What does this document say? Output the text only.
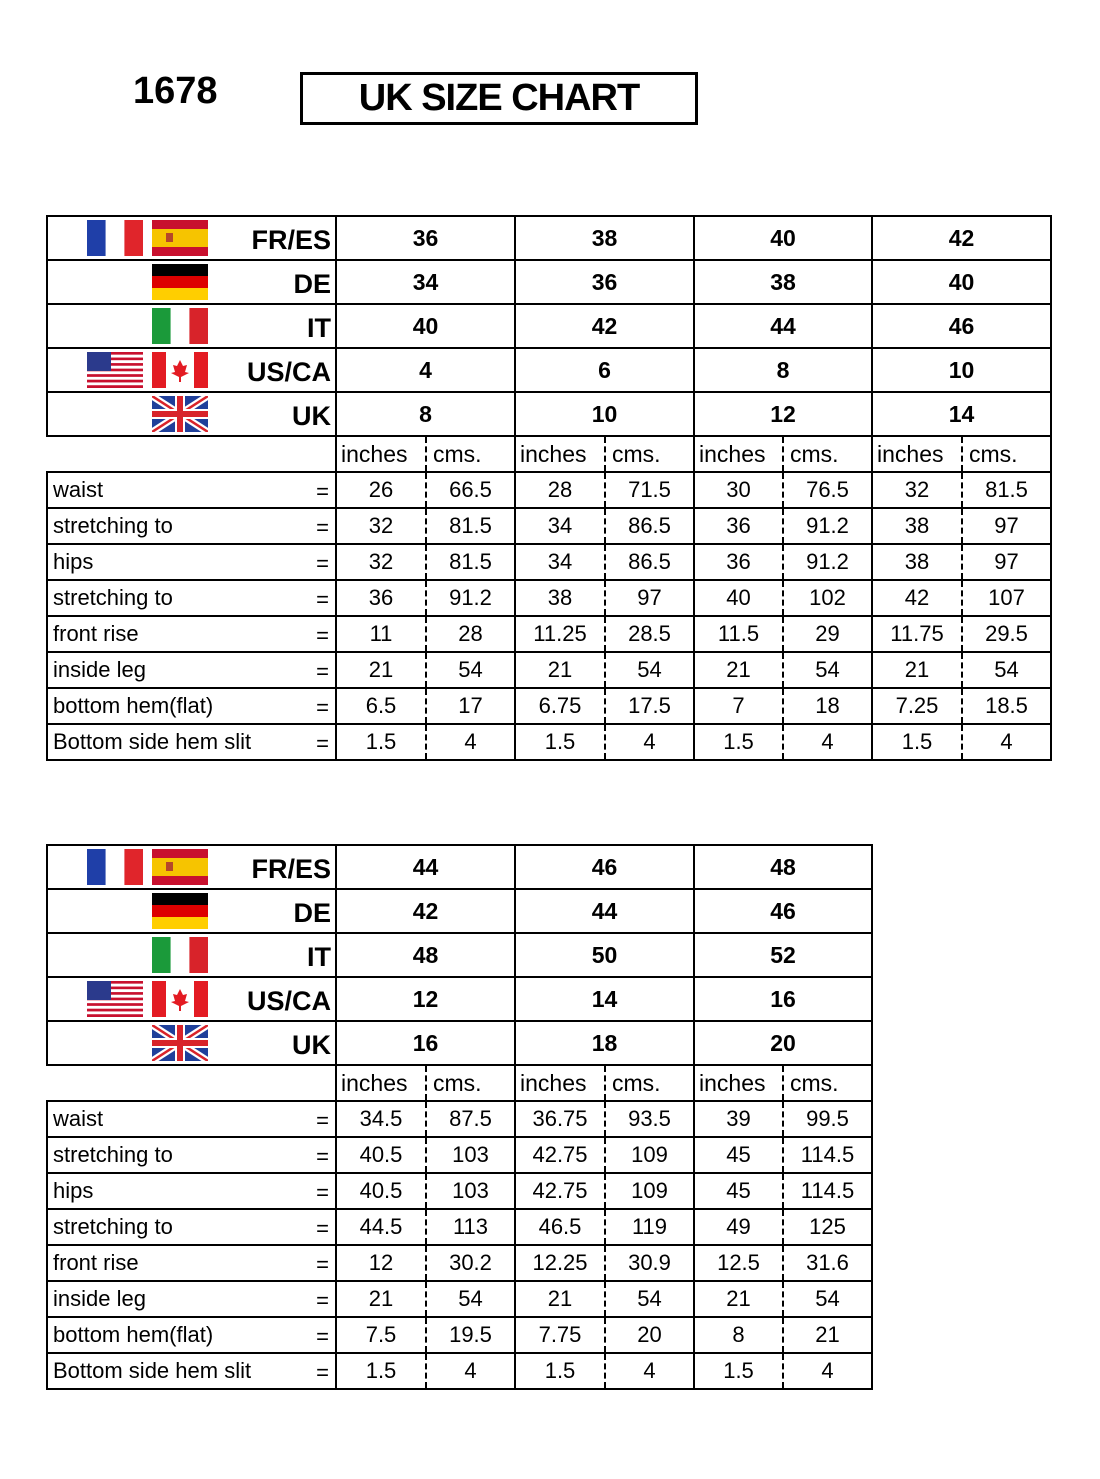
1678	UK SIZE CHART
FR/ES	36		38		40		42	

DE	34		36		38		40	

IT	40		42		44		46	

US/CA	4		6		8		10	

UK	8		10		12		14	
	inches	cms.	inches	cms.	inches	cms.	inches	cms.
waist =	26	66.5	28	71.5	30	76.5	32	81.5
stretching to =	32	81.5	34	86.5	36	91.2	38	97
hips =	32	81.5	34	86.5	36	91.2	38	97
stretching to =	36	91.2	38	97	40	102	42	107
front rise =	11	28	11.25	28.5	11.5	29	11.75	29.5
inside leg =	21	54	21	54	21	54	21	54
bottom hem(flat) =	6.5	17	6.75	17.5	7	18	7.25	18.5
Bottom side hem slit =	1.5	4	1.5	4	1.5	4	1.5	4
FR/ES	44		46		48	

DE	42		44		46	

IT	48		50		52	

US/CA	12		14		16	

UK	16		18		20	
	inches	cms.	inches	cms.	inches	cms.
waist =	34.5	87.5	36.75	93.5	39	99.5
stretching to =	40.5	103	42.75	109	45	114.5
hips =	40.5	103	42.75	109	45	114.5
stretching to =	44.5	113	46.5	119	49	125
front rise =	12	30.2	12.25	30.9	12.5	31.6
inside leg =	21	54	21	54	21	54
bottom hem(flat) =	7.5	19.5	7.75	20	8	21
Bottom side hem slit =	1.5	4	1.5	4	1.5	4
